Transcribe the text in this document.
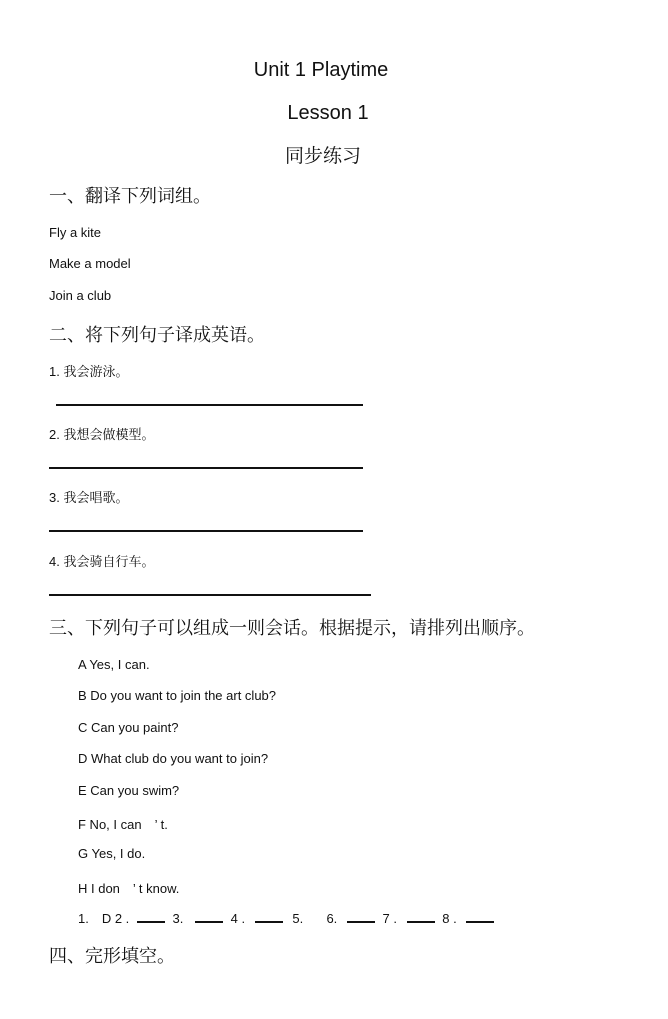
Unit 1 Playtime
Lesson 1
同步练习
一、翻译下列词组。
Fly a kite
Make a model
Join a club
二、将下列句子译成英语。
1. 我会游泳。
2. 我想会做模型。
3. 我会唱歌。
4. 我会骑自行车。
三、下列句子可以组成一则会话。根据提示，请排列出顺序。
A Yes, I can.
B Do you want to join the art club?
C Can you paint?
D What club do you want to join?
E Can you swim?
F No, I can　’ t.
G Yes, I do.
H I don　’ t know.
1.　D 2 .	3.	4 .	5. 6.	7 .	8 .
四、完形填空。
